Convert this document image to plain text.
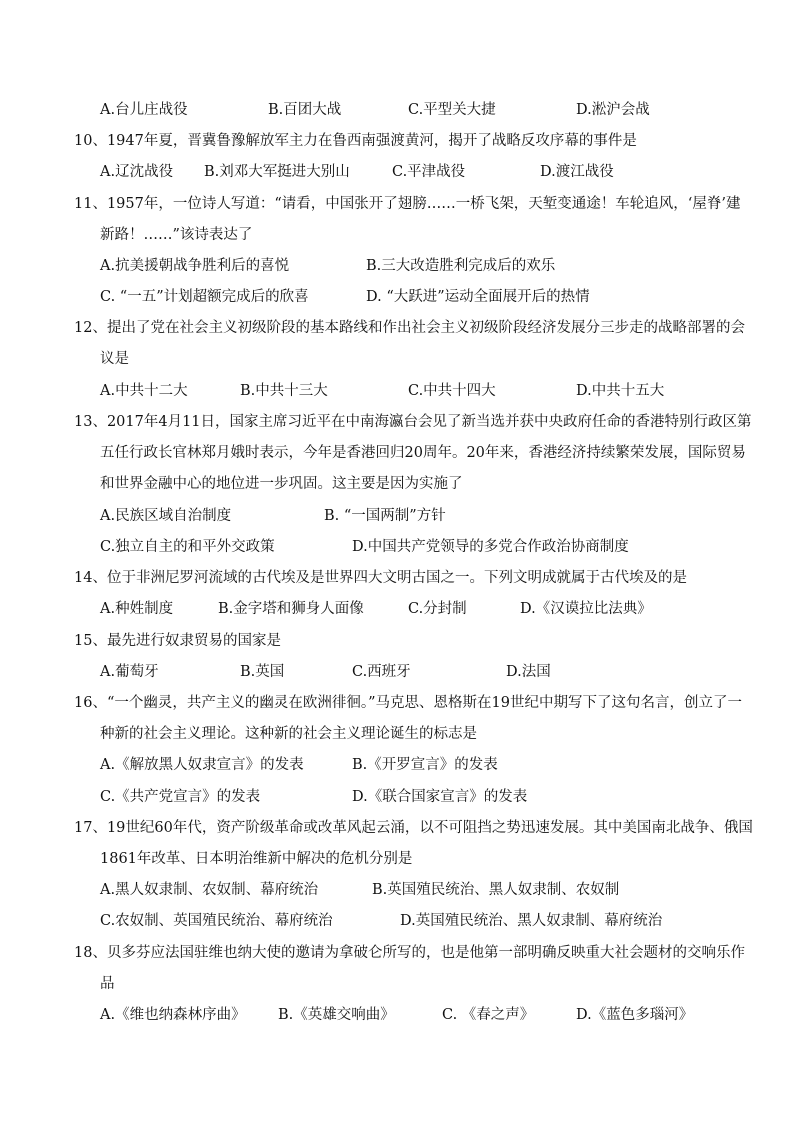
A.台儿庄战役	B.百团大战	C.平型关大捷	D.淞沪会战
10、1947年夏，晋冀鲁豫解放军主力在鲁西南强渡黄河，揭开了战略反攻序幕的事件是
A.辽沈战役 B.刘邓大军挺进大别山	C.平津战役	D.渡江战役
11、1957年，一位诗人写道：“请看，中国张开了翅膀……一桥飞架，天堑变通途！车轮追风，‘屋脊’建
新路！……”该诗表达了
A.抗美援朝战争胜利后的喜悦	B.三大改造胜利完成后的欢乐
C. “一五”计划超额完成后的欣喜	D. “大跃进”运动全面展开后的热情
12、提出了党在社会主义初级阶段的基本路线和作出社会主义初级阶段经济发展分三步走的战略部署的会
议是
A.中共十二大	B.中共十三大	C.中共十四大	D.中共十五大
13、2017年4月11日，国家主席习近平在中南海瀛台会见了新当选并获中央政府任命的香港特别行政区第
五任行政长官林郑月娥时表示，今年是香港回归20周年。20年来，香港经济持续繁荣发展，国际贸易
和世界金融中心的地位进一步巩固。这主要是因为实施了
A.民族区域自治制度	B. “一国两制”方针
C.独立自主的和平外交政策	D.中国共产党领导的多党合作政治协商制度
14、位于非洲尼罗河流域的古代埃及是世界四大文明古国之一。下列文明成就属于古代埃及的是
A.种姓制度	B.金字塔和狮身人面像	C.分封制	D.《汉谟拉比法典》
15、最先进行奴隶贸易的国家是
A.葡萄牙	B.英国	C.西班牙	D.法国
16、“一个幽灵，共产主义的幽灵在欧洲徘徊。”马克思、恩格斯在19世纪中期写下了这句名言，创立了一
种新的社会主义理论。这种新的社会主义理论诞生的标志是
A.《解放黑人奴隶宣言》的发表	B.《开罗宣言》的发表
C.《共产党宣言》的发表	D.《联合国家宣言》的发表
17、19世纪60年代，资产阶级革命或改革风起云涌，以不可阻挡之势迅速发展。其中美国南北战争、俄国
1861年改革、日本明治维新中解决的危机分别是
A.黑人奴隶制、农奴制、幕府统治	B.英国殖民统治、黑人奴隶制、农奴制
C.农奴制、英国殖民统治、幕府统治	D.英国殖民统治、黑人奴隶制、幕府统治
18、贝多芬应法国驻维也纳大使的邀请为拿破仑所写的，也是他第一部明确反映重大社会题材的交响乐作
品
A.《维也纳森林序曲》 B.《英雄交响曲》	C. 《春之声》	D.《蓝色多瑙河》
